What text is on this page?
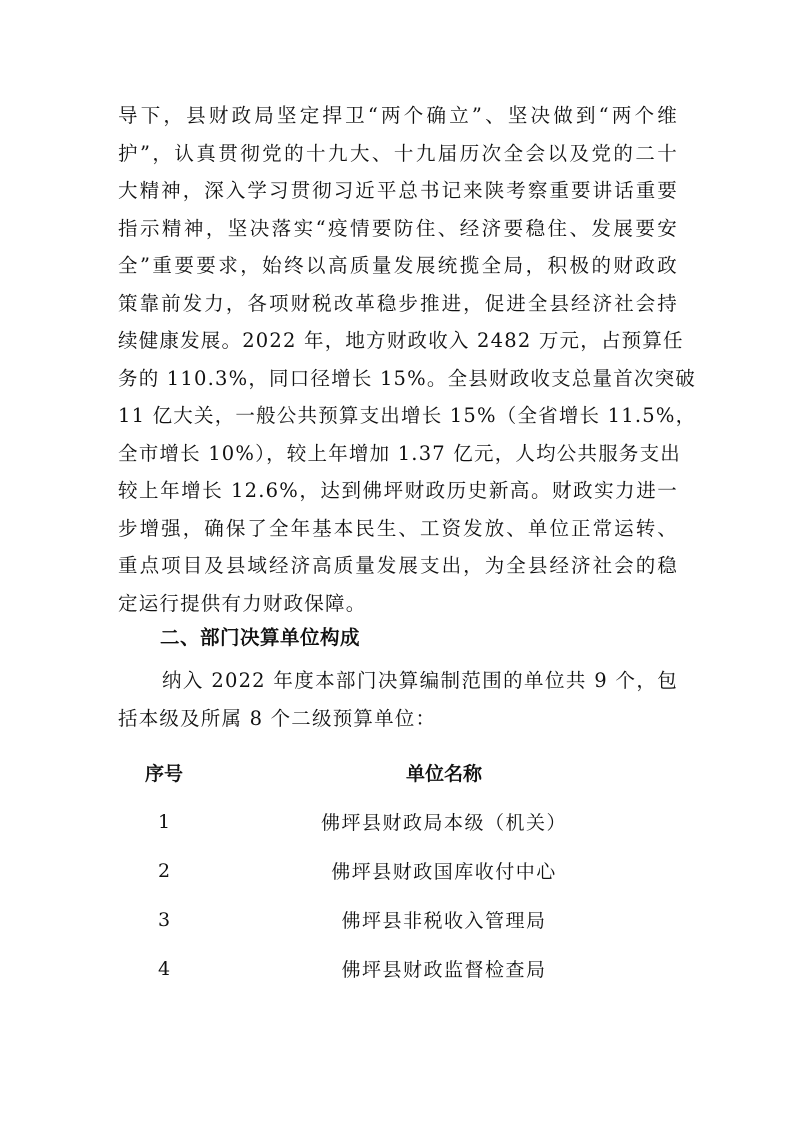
导下，县财政局坚定捍卫“两个确立”、坚决做到“两个维
护”，认真贯彻党的十九大、十九届历次全会以及党的二十
大精神，深入学习贯彻习近平总书记来陕考察重要讲话重要
指示精神，坚决落实“疫情要防住、经济要稳住、发展要安
全”重要要求，始终以高质量发展统揽全局，积极的财政政
策靠前发力，各项财税改革稳步推进，促进全县经济社会持
续健康发展。2022 年，地方财政收入 2482 万元，占预算任
务的 110.3%，同口径增长 15%。全县财政收支总量首次突破
11 亿大关，一般公共预算支出增长 15%（全省增长 11.5%，
全市增长 10%），较上年增加 1.37 亿元，人均公共服务支出
较上年增长 12.6%，达到佛坪财政历史新高。财政实力进一
步增强，确保了全年基本民生、工资发放、单位正常运转、
重点项目及县域经济高质量发展支出，为全县经济社会的稳
定运行提供有力财政保障。
二、部门决算单位构成
纳入 2022 年度本部门决算编制范围的单位共 9 个，包
括本级及所属 8 个二级预算单位：
序号	单位名称
1	佛坪县财政局本级（机关）
2	佛坪县财政国库收付中心
3	佛坪县非税收入管理局
4	佛坪县财政监督检查局
